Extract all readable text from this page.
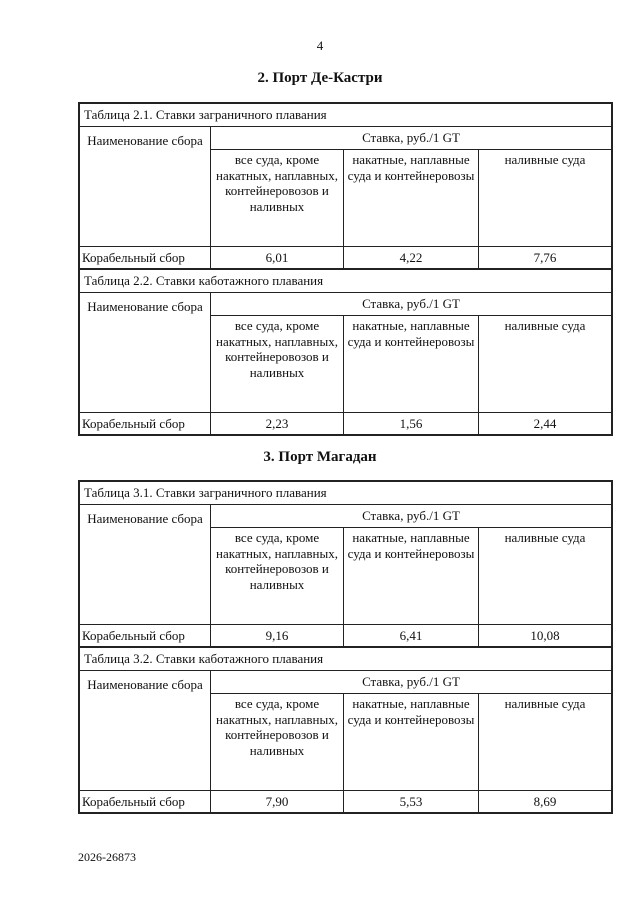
4
2. Порт Де-Кастри
Таблица 2.1. Ставки заграничного плавания			
Наименование сбора	Ставка, руб./1 GT		
	все суда, кроме накатных, наплавных, контейнеровозов и наливных	накатные, наплавные суда и контейнеровозы	наливные суда
Корабельный сбор	6,01	4,22	7,76
Таблица 2.2. Ставки каботажного плавания			
Наименование сбора	Ставка, руб./1 GT		
	все суда, кроме накатных, наплавных, контейнеровозов и наливных	накатные, наплавные суда и контейнеровозы	наливные суда
Корабельный сбор	2,23	1,56	2,44
3. Порт Магадан
Таблица 3.1. Ставки заграничного плавания			
Наименование сбора	Ставка, руб./1 GT		
	все суда, кроме накатных, наплавных, контейнеровозов и наливных	накатные, наплавные суда и контейнеровозы	наливные суда
Корабельный сбор	9,16	6,41	10,08
Таблица 3.2. Ставки каботажного плавания			
Наименование сбора	Ставка, руб./1 GT		
	все суда, кроме накатных, наплавных, контейнеровозов и наливных	накатные, наплавные суда и контейнеровозы	наливные суда
Корабельный сбор	7,90	5,53	8,69
2026-26873
